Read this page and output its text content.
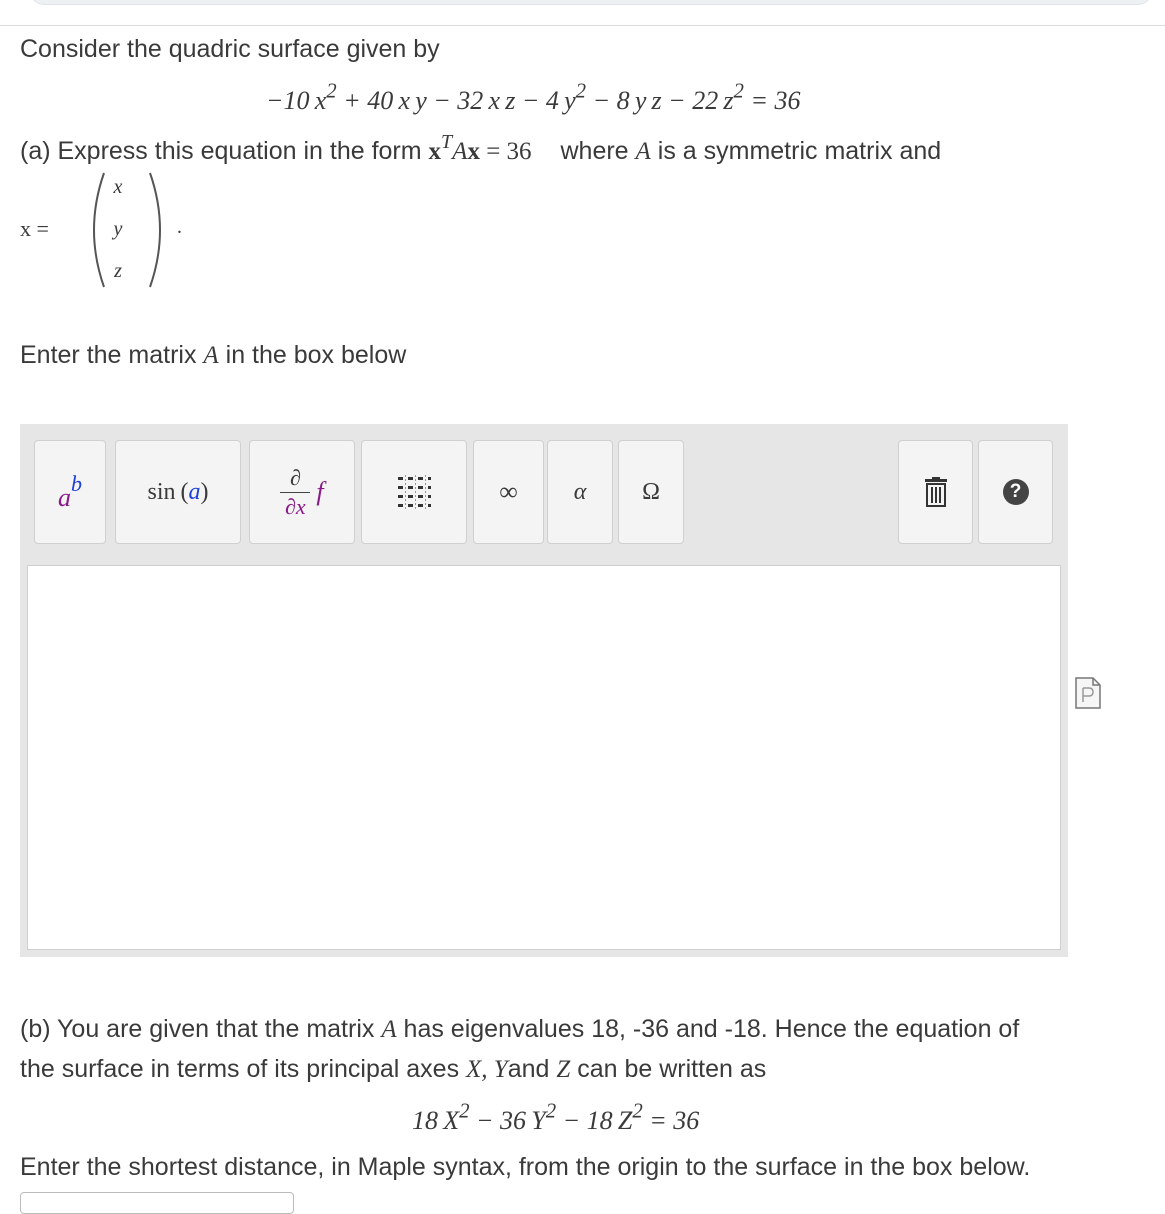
Consider the quadric surface given by
−10 $x^2 + 40$ x y − 32 x z − 4 $y^2 - 8$ y z − 22 $z^2 = 36$
(a) Express this equation in the form $x^TAx = 36$ where A is a symmetric matrix and
x =
x
y
z
.
Enter the matrix A in the box below
a b	sin ( a )
∂
∂x f	∞ α Ω	?
(b) You are given that the matrix A has eigenvalues 18, -36 and -18. Hence the equation of
the surface in terms of its principal axes X, Yand Z can be written as
18 $X^2 - 36$ $Y^2 - 18$ $Z^2 = 36$
Enter the shortest distance, in Maple syntax, from the origin to the surface in the box below.
